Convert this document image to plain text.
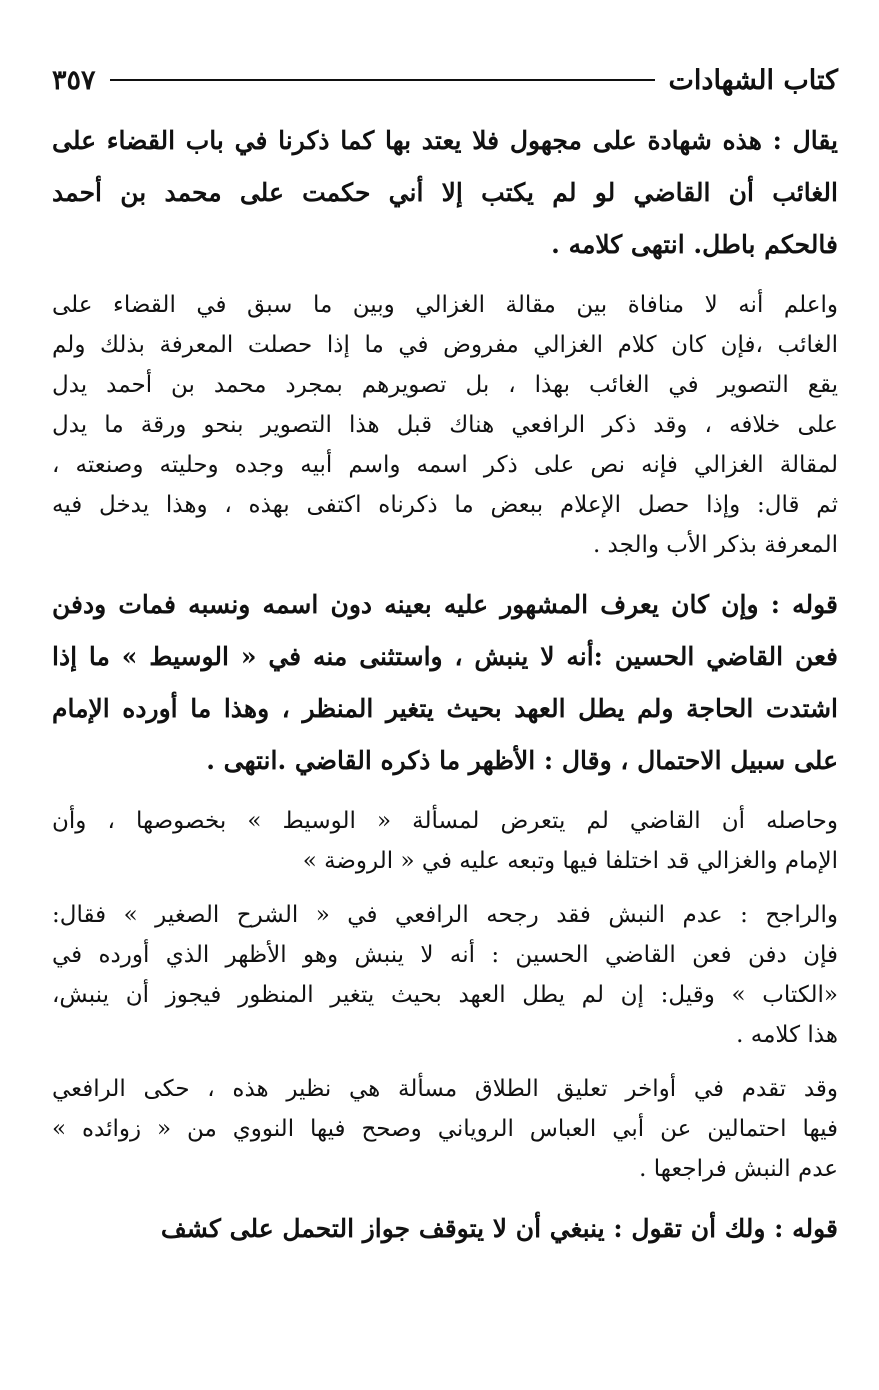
كتاب الشهادات
٣٥٧
يقال : هذه شهادة على مجهول فلا يعتد بها كما ذكرنا في باب القضاء على
الغائب أن القاضي لو لم يكتب إلا أني حكمت على محمد بن أحمد
فالحكم باطل. انتهى كلامه .
واعلم أنه لا منافاة بين مقالة الغزالي وبين ما سبق في القضاء على
الغائب ،فإن كان كلام الغزالي مفروض في ما إذا حصلت المعرفة بذلك ولم
يقع التصوير في الغائب بهذا ، بل تصويرهم بمجرد محمد بن أحمد يدل
على خلافه ، وقد ذكر الرافعي هناك قبل هذا التصوير بنحو ورقة ما يدل
لمقالة الغزالي فإنه نص على ذكر اسمه واسم أبيه وجده وحليته وصنعته ،
ثم قال: وإذا حصل الإعلام ببعض ما ذكرناه اكتفى بهذه ، وهذا يدخل فيه
المعرفة بذكر الأب والجد .
قوله : وإن كان يعرف المشهور عليه بعينه دون اسمه ونسبه فمات ودفن
فعن القاضي الحسين :أنه لا ينبش ، واستثنى منه في « الوسيط » ما إذا
اشتدت الحاجة ولم يطل العهد بحيث يتغير المنظر ، وهذا ما أورده الإمام
على سبيل الاحتمال ، وقال : الأظهر ما ذكره القاضي .انتهى .
وحاصله أن القاضي لم يتعرض لمسألة « الوسيط » بخصوصها ، وأن
الإمام والغزالي قد اختلفا فيها وتبعه عليه في « الروضة »
والراجح : عدم النبش فقد رجحه الرافعي في « الشرح الصغير » فقال:
فإن دفن فعن القاضي الحسين : أنه لا ينبش وهو الأظهر الذي أورده في
«الكتاب » وقيل: إن لم يطل العهد بحيث يتغير المنظور فيجوز أن ينبش،
هذا كلامه .
وقد تقدم في أواخر تعليق الطلاق مسألة هي نظير هذه ، حكى الرافعي
فيها احتمالين عن أبي العباس الروياني وصحح فيها النووي من « زوائده »
عدم النبش فراجعها .
قوله : ولك أن تقول : ينبغي أن لا يتوقف جواز التحمل على كشف
